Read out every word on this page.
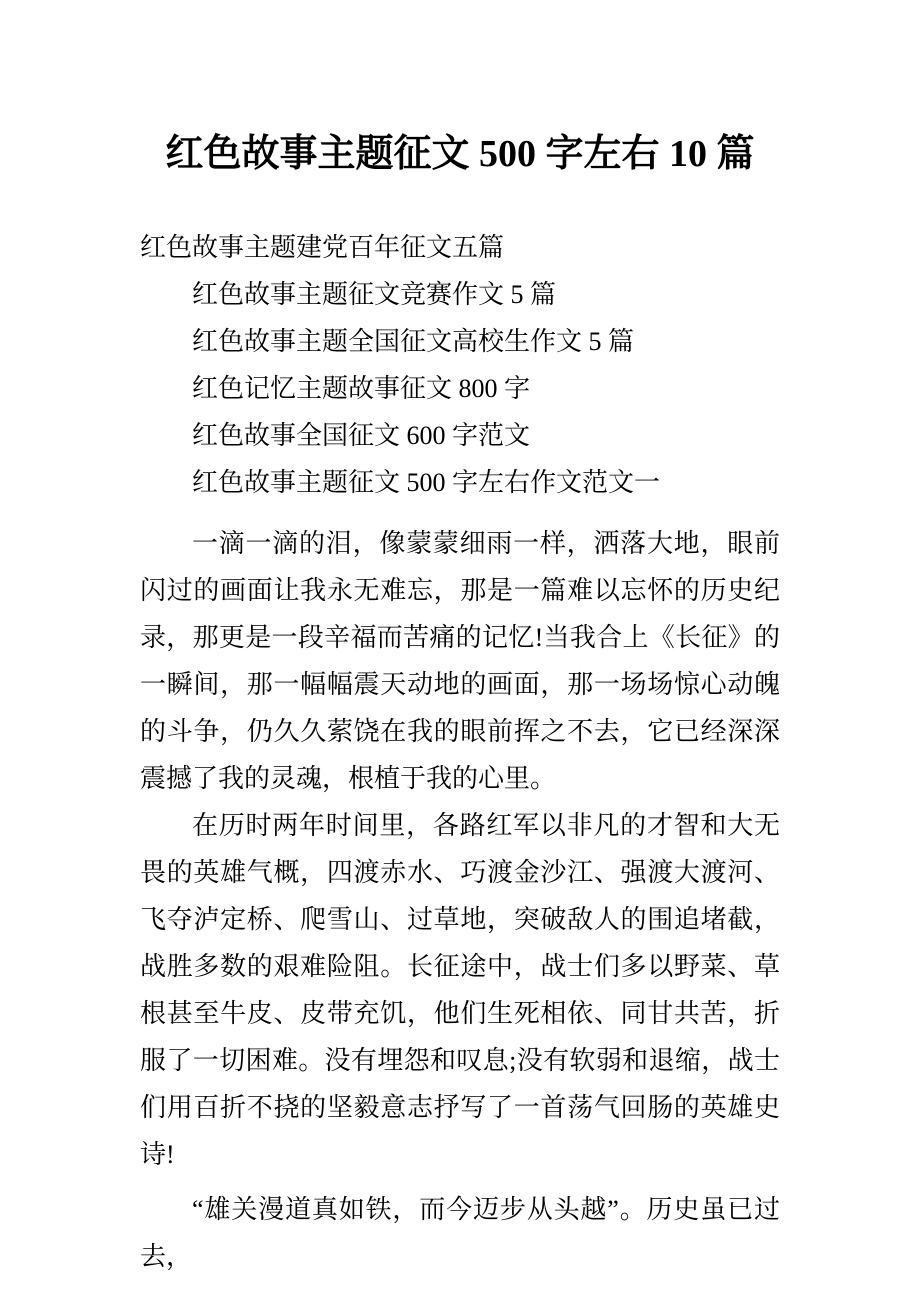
红色故事主题征文 500 字左右 10 篇

红色故事主题建党百年征文五篇

红色故事主题征文竞赛作文 5 篇

红色故事主题全国征文高校生作文 5 篇

红色记忆主题故事征文 800 字

红色故事全国征文 600 字范文

红色故事主题征文 500 字左右作文范文一

一滴一滴的泪，像蒙蒙细雨一样，洒落大地，眼前闪过的画面让我永无难忘，那是一篇难以忘怀的历史纪录，那更是一段辛福而苦痛的记忆!当我合上《长征》的一瞬间，那一幅幅震天动地的画面，那一场场惊心动魄的斗争，仍久久萦饶在我的眼前挥之不去，它已经深深震撼了我的灵魂，根植于我的心里。

在历时两年时间里，各路红军以非凡的才智和大无畏的英雄气概，四渡赤水、巧渡金沙江、强渡大渡河、飞夺泸定桥、爬雪山、过草地，突破敌人的围追堵截，战胜多数的艰难险阻。长征途中，战士们多以野菜、草根甚至牛皮、皮带充饥，他们生死相依、同甘共苦，折服了一切困难。没有埋怨和叹息;没有软弱和退缩，战士们用百折不挠的坚毅意志抒写了一首荡气回肠的英雄史诗!

“雄关漫道真如铁，而今迈步从头越”。历史虽已过去，
